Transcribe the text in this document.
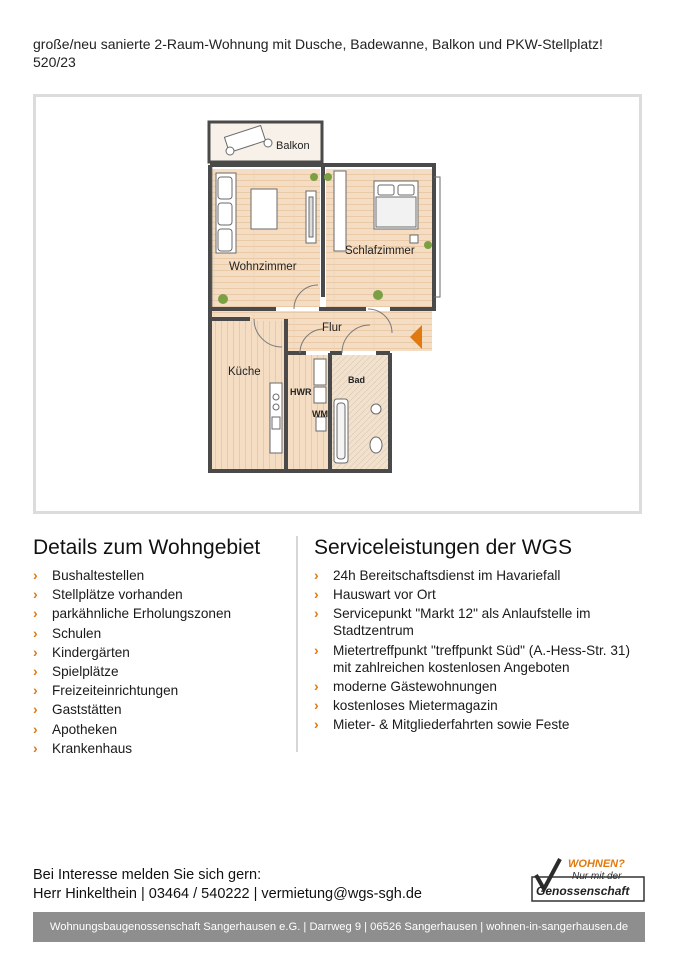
große/neu sanierte 2-Raum-Wohnung mit Dusche, Badewanne, Balkon und PKW-Stellplatz!
520/23
Balkon
Wohnzimmer
Schlafzimmer
Flur
Küche
HWR
WM
Bad
Details zum Wohngebiet
› Bushaltestellen
› Stellplätze vorhanden
› parkähnliche Erholungszonen
› Schulen
› Kindergärten
› Spielplätze
› Freizeiteinrichtungen
› Gaststätten
› Apotheken
› Krankenhaus
Serviceleistungen der WGS
› 24h Bereitschaftsdienst im Havariefall
› Hauswart vor Ort
› Servicepunkt "Markt 12" als Anlaufstelle im
Stadtzentrum
› Mietertreffpunkt "treffpunkt Süd" (A.-Hess-Str. 31)
mit zahlreichen kostenlosen Angeboten
› moderne Gästewohnungen
› kostenloses Mietermagazin
› Mieter- & Mitgliederfahrten sowie Feste
Bei Interesse melden Sie sich gern:
Herr Hinkelthein | 03464 / 540222 | vermietung@wgs-sgh.de
WOHNEN?
Nur mit der
Genossenschaft
Wohnungsbaugenossenschaft Sangerhausen e.G. | Darrweg 9 | 06526 Sangerhausen | wohnen-in-sangerhausen.de
